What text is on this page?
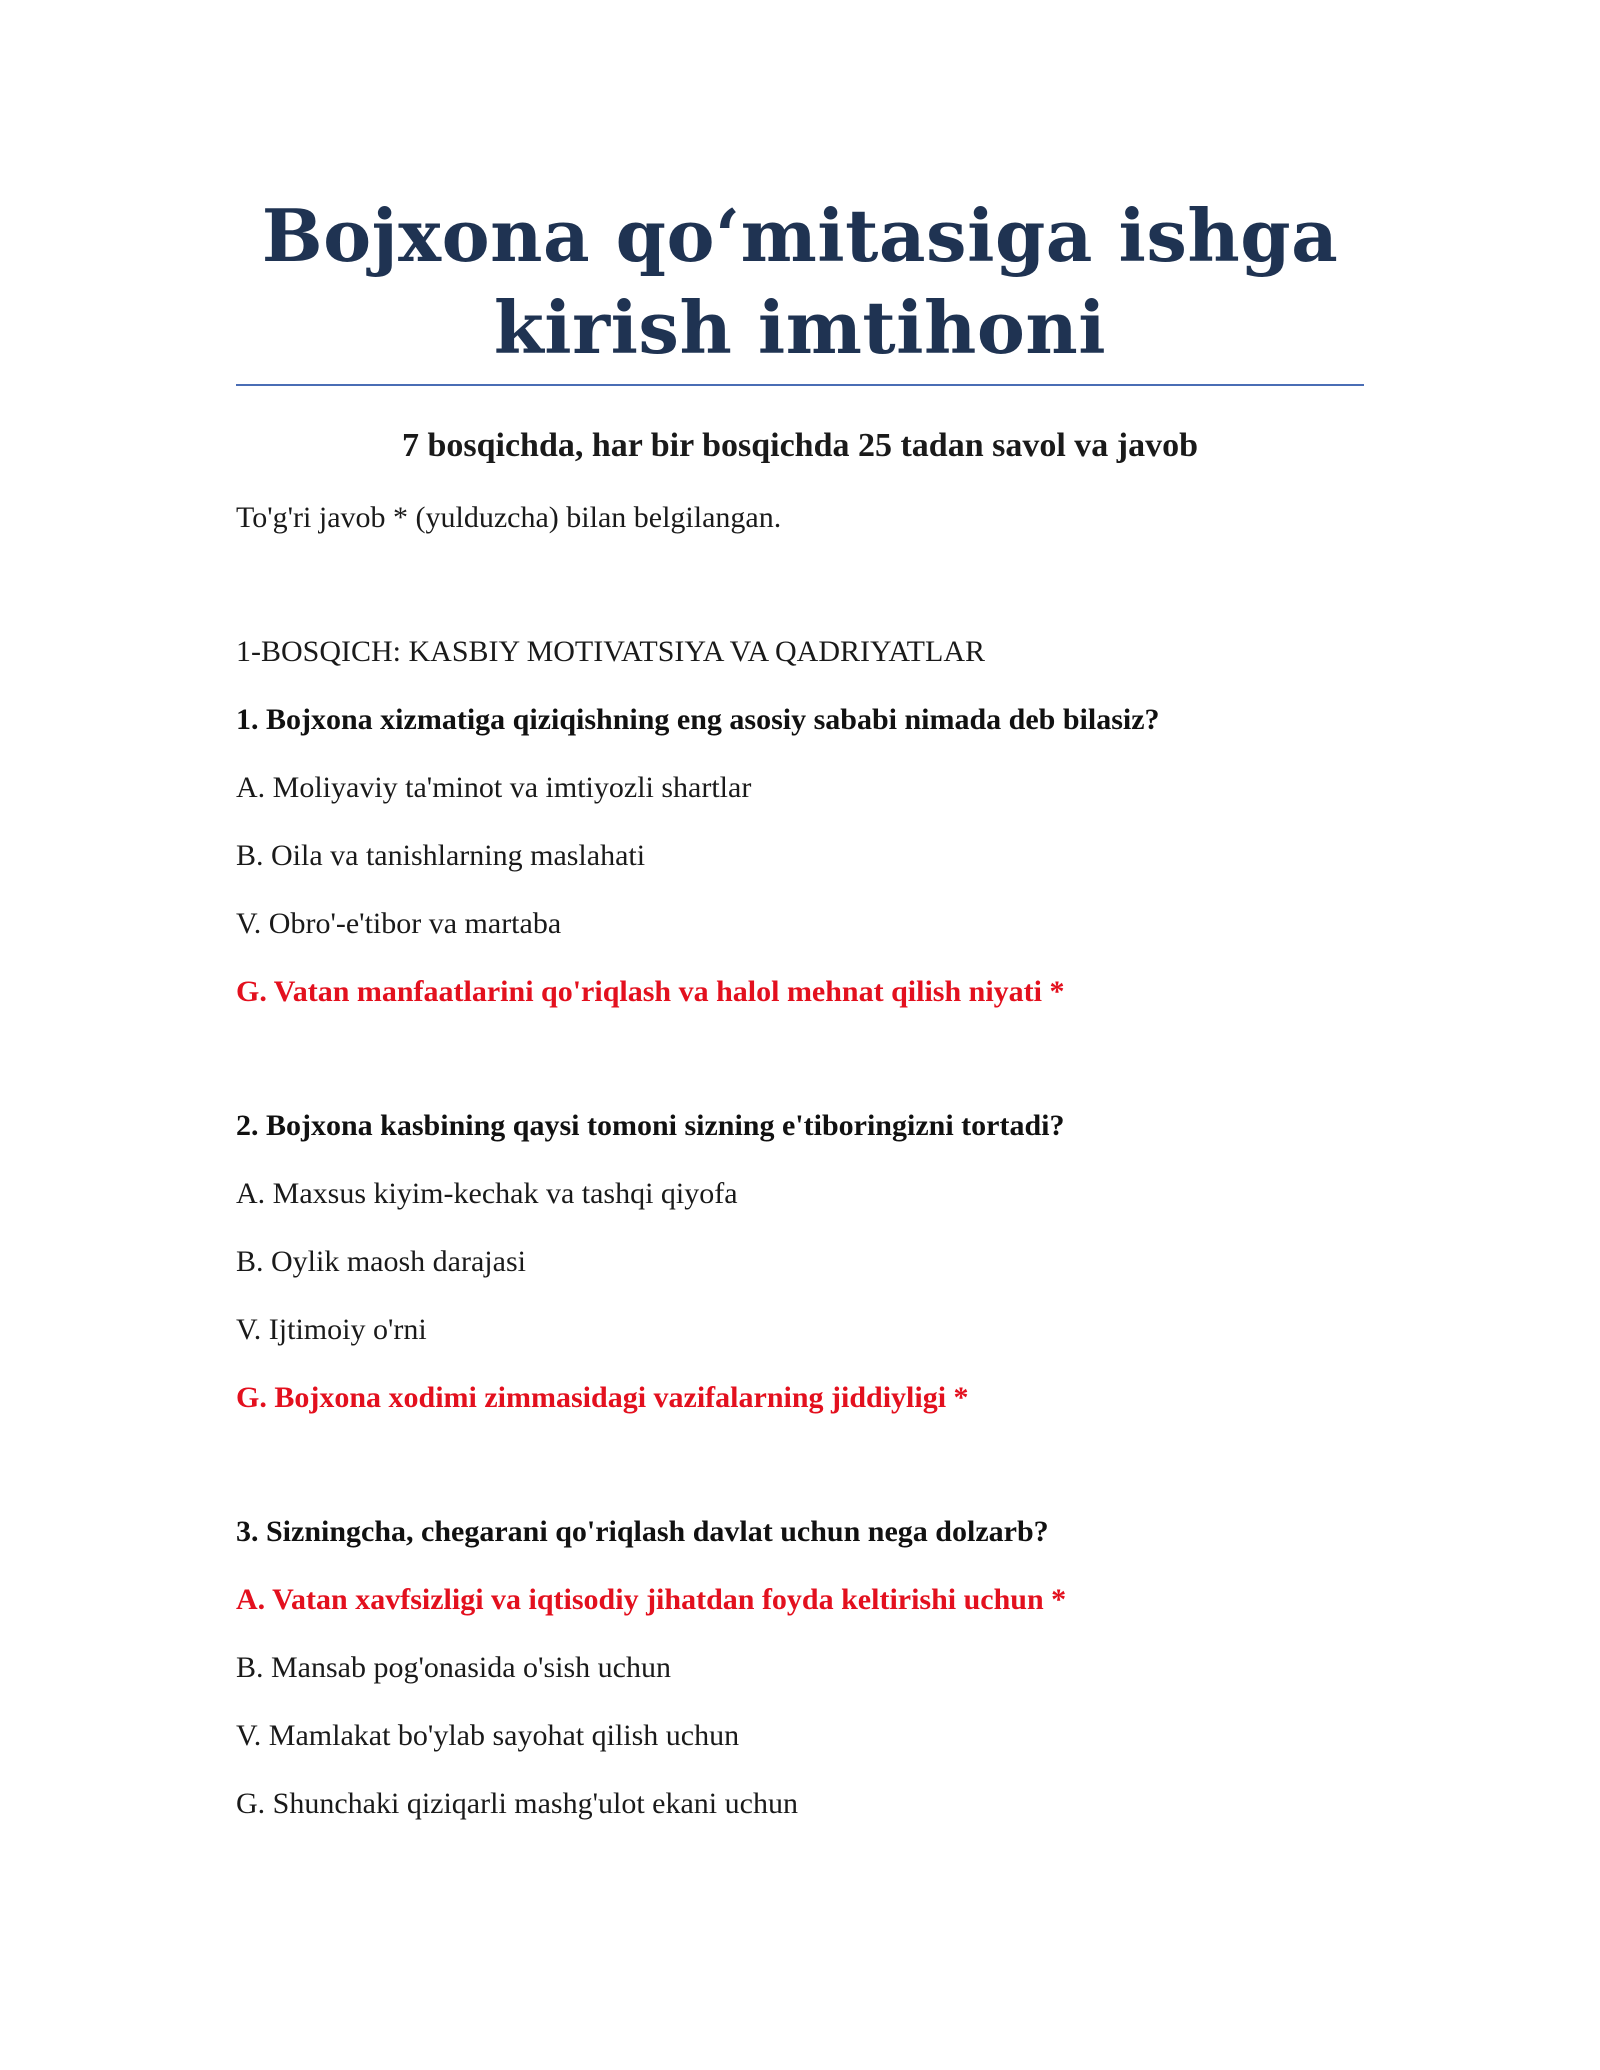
Bojxona qo‘mitasiga ishga
kirish imtihoni
7 bosqichda, har bir bosqichda 25 tadan savol va javob
To'g'ri javob * (yulduzcha) bilan belgilangan.
1-BOSQICH: KASBIY MOTIVATSIYA VA QADRIYATLAR
1. Bojxona xizmatiga qiziqishning eng asosiy sababi nimada deb bilasiz?
A. Moliyaviy ta'minot va imtiyozli shartlar
B. Oila va tanishlarning maslahati
V. Obro'-e'tibor va martaba
G. Vatan manfaatlarini qo'riqlash va halol mehnat qilish niyati *
2. Bojxona kasbining qaysi tomoni sizning e'tiboringizni tortadi?
A. Maxsus kiyim-kechak va tashqi qiyofa
B. Oylik maosh darajasi
V. Ijtimoiy o'rni
G. Bojxona xodimi zimmasidagi vazifalarning jiddiyligi *
3. Sizningcha, chegarani qo'riqlash davlat uchun nega dolzarb?
A. Vatan xavfsizligi va iqtisodiy jihatdan foyda keltirishi uchun *
B. Mansab pog'onasida o'sish uchun
V. Mamlakat bo'ylab sayohat qilish uchun
G. Shunchaki qiziqarli mashg'ulot ekani uchun
